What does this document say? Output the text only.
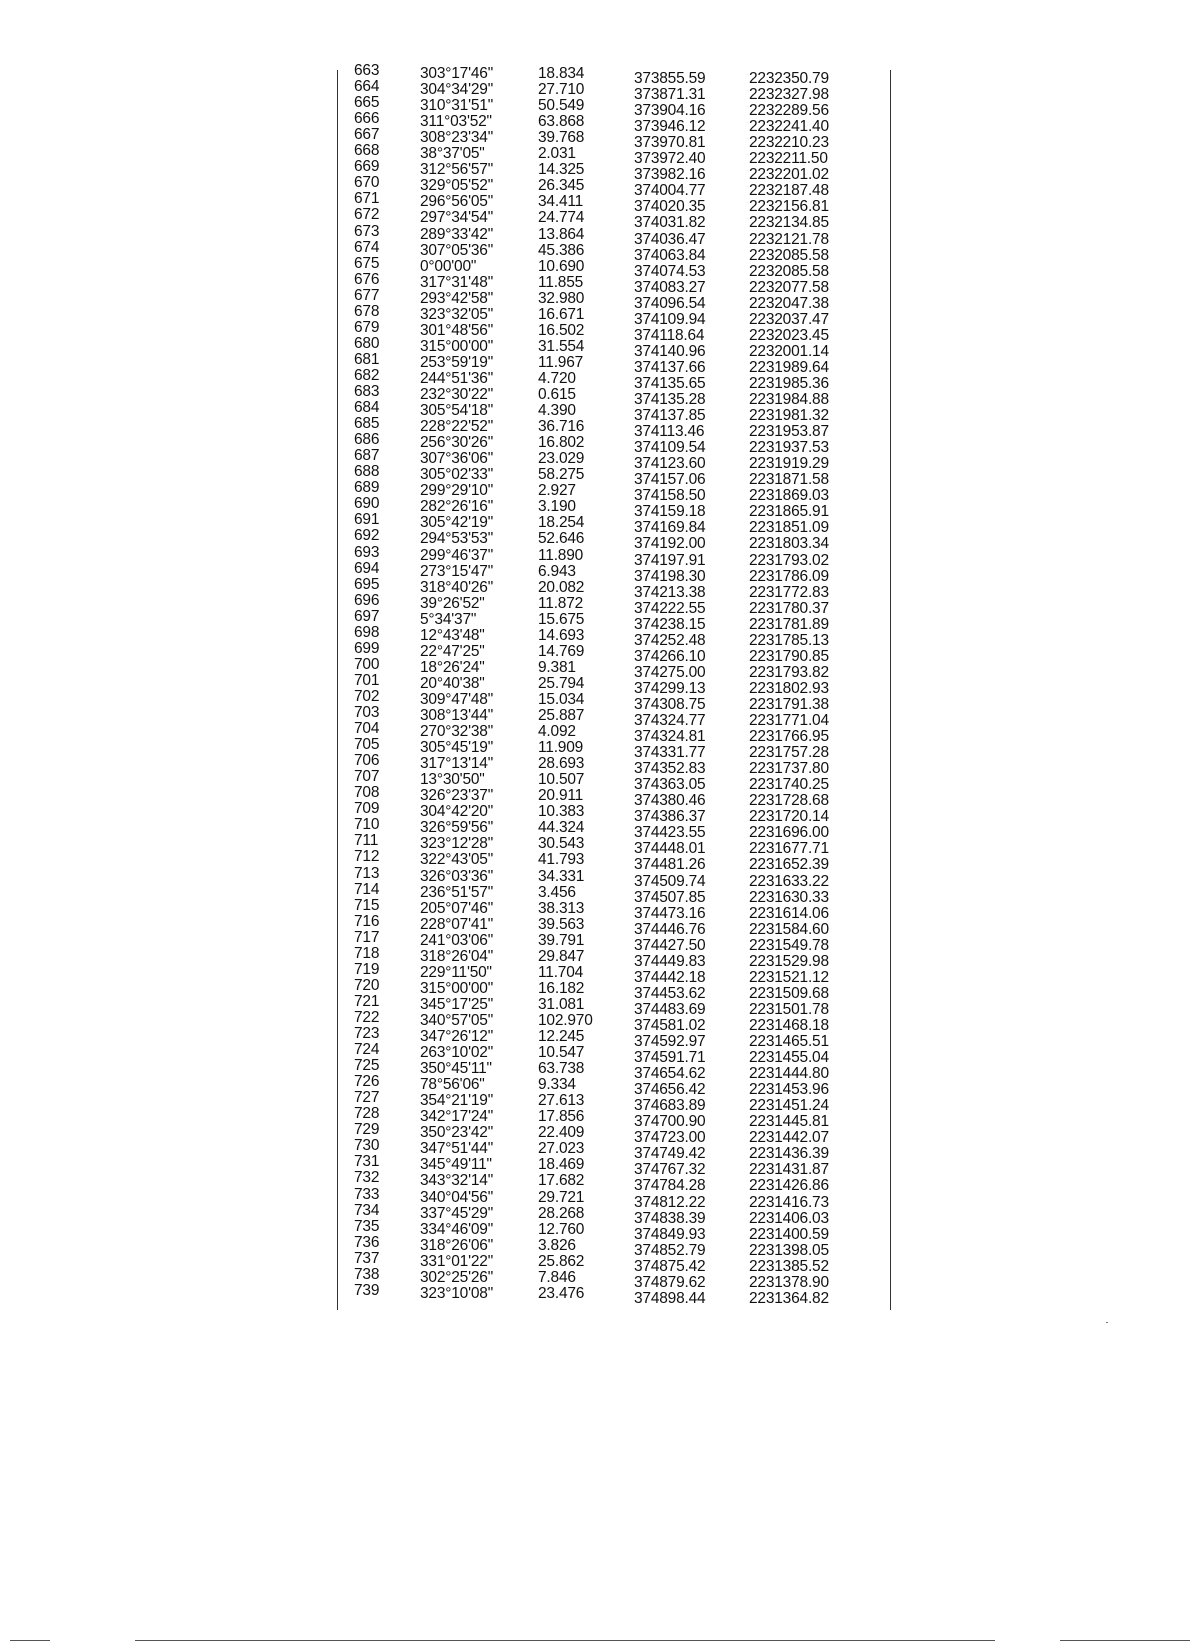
663	303°17'46"	18.834	373855.59	2232350.79
664	304°34'29"	27.710	373871.31	2232327.98
665	310°31'51"	50.549	373904.16	2232289.56
666	311°03'52"	63.868	373946.12	2232241.40
667	308°23'34"	39.768	373970.81	2232210.23
668	38°37'05"	2.031	373972.40	2232211.50
669	312°56'57"	14.325	373982.16	2232201.02
670	329°05'52"	26.345	374004.77	2232187.48
671	296°56'05"	34.411	374020.35	2232156.81
672	297°34'54"	24.774	374031.82	2232134.85
673	289°33'42"	13.864	374036.47	2232121.78
674	307°05'36"	45.386	374063.84	2232085.58
675	0°00'00"	10.690	374074.53	2232085.58
676	317°31'48"	11.855	374083.27	2232077.58
677	293°42'58"	32.980	374096.54	2232047.38
678	323°32'05"	16.671	374109.94	2232037.47
679	301°48'56"	16.502	374118.64	2232023.45
680	315°00'00"	31.554	374140.96	2232001.14
681	253°59'19"	11.967	374137.66	2231989.64
682	244°51'36"	4.720	374135.65	2231985.36
683	232°30'22"	0.615	374135.28	2231984.88
684	305°54'18"	4.390	374137.85	2231981.32
685	228°22'52"	36.716	374113.46	2231953.87
686	256°30'26"	16.802	374109.54	2231937.53
687	307°36'06"	23.029	374123.60	2231919.29
688	305°02'33"	58.275	374157.06	2231871.58
689	299°29'10"	2.927	374158.50	2231869.03
690	282°26'16"	3.190	374159.18	2231865.91
691	305°42'19"	18.254	374169.84	2231851.09
692	294°53'53"	52.646	374192.00	2231803.34
693	299°46'37"	11.890	374197.91	2231793.02
694	273°15'47"	6.943	374198.30	2231786.09
695	318°40'26"	20.082	374213.38	2231772.83
696	39°26'52"	11.872	374222.55	2231780.37
697	5°34'37"	15.675	374238.15	2231781.89
698	12°43'48"	14.693	374252.48	2231785.13
699	22°47'25"	14.769	374266.10	2231790.85
700	18°26'24"	9.381	374275.00	2231793.82
701	20°40'38"	25.794	374299.13	2231802.93
702	309°47'48"	15.034	374308.75	2231791.38
703	308°13'44"	25.887	374324.77	2231771.04
704	270°32'38"	4.092	374324.81	2231766.95
705	305°45'19"	11.909	374331.77	2231757.28
706	317°13'14"	28.693	374352.83	2231737.80
707	13°30'50"	10.507	374363.05	2231740.25
708	326°23'37"	20.911	374380.46	2231728.68
709	304°42'20"	10.383	374386.37	2231720.14
710	326°59'56"	44.324	374423.55	2231696.00
711	323°12'28"	30.543	374448.01	2231677.71
712	322°43'05"	41.793	374481.26	2231652.39
713	326°03'36"	34.331	374509.74	2231633.22
714	236°51'57"	3.456	374507.85	2231630.33
715	205°07'46"	38.313	374473.16	2231614.06
716	228°07'41"	39.563	374446.76	2231584.60
717	241°03'06"	39.791	374427.50	2231549.78
718	318°26'04"	29.847	374449.83	2231529.98
719	229°11'50"	11.704	374442.18	2231521.12
720	315°00'00"	16.182	374453.62	2231509.68
721	345°17'25"	31.081	374483.69	2231501.78
722	340°57'05"	102.970	374581.02	2231468.18
723	347°26'12"	12.245	374592.97	2231465.51
724	263°10'02"	10.547	374591.71	2231455.04
725	350°45'11"	63.738	374654.62	2231444.80
726	78°56'06"	9.334	374656.42	2231453.96
727	354°21'19"	27.613	374683.89	2231451.24
728	342°17'24"	17.856	374700.90	2231445.81
729	350°23'42"	22.409	374723.00	2231442.07
730	347°51'44"	27.023	374749.42	2231436.39
731	345°49'11"	18.469	374767.32	2231431.87
732	343°32'14"	17.682	374784.28	2231426.86
733	340°04'56"	29.721	374812.22	2231416.73
734	337°45'29"	28.268	374838.39	2231406.03
735	334°46'09"	12.760	374849.93	2231400.59
736	318°26'06"	3.826	374852.79	2231398.05
737	331°01'22"	25.862	374875.42	2231385.52
738	302°25'26"	7.846	374879.62	2231378.90
739	323°10'08"	23.476	374898.44	2231364.82
